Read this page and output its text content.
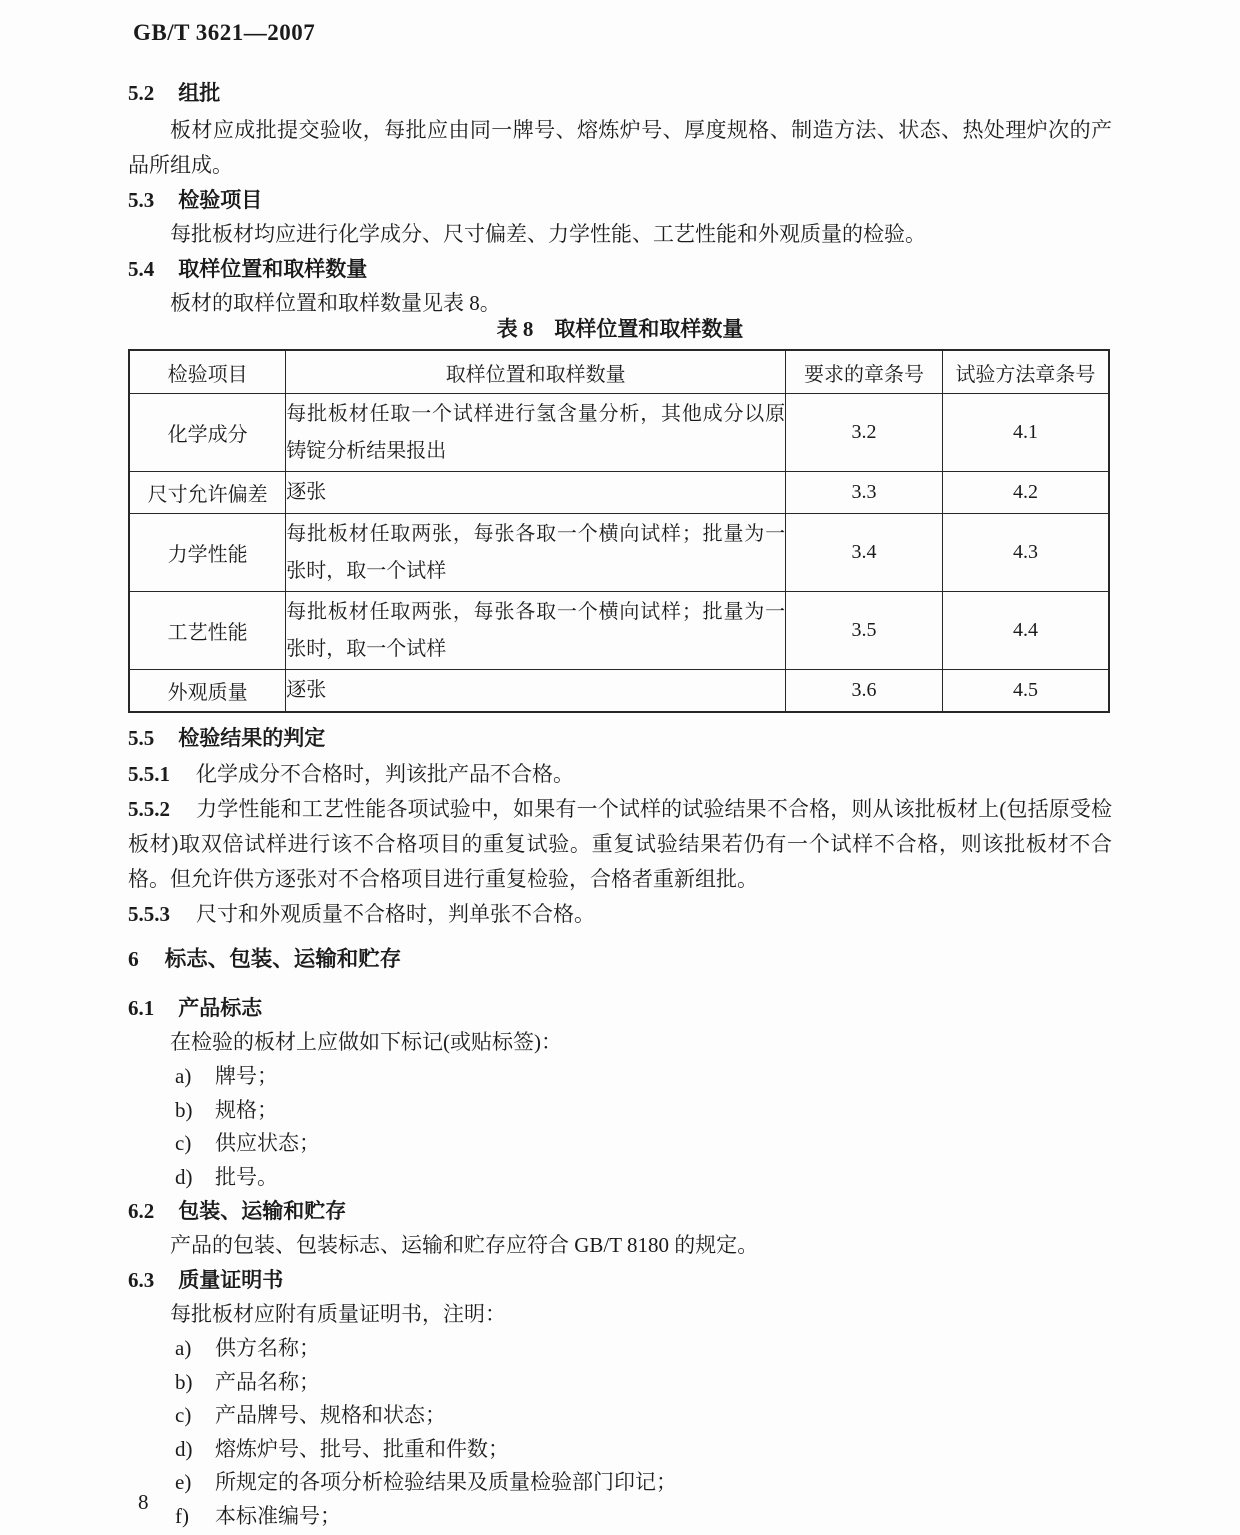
GB/T 3621—2007
5.2 组批

板材应成批提交验收，每批应由同一牌号、熔炼炉号、厚度规格、制造方法、状态、热处理炉次的产品所组成。

5.3 检验项目

每批板材均应进行化学成分、尺寸偏差、力学性能、工艺性能和外观质量的检验。

5.4 取样位置和取样数量

板材的取样位置和取样数量见表 8。

表 8　取样位置和取样数量
检验项目	取样位置和取样数量	要求的章条号	试验方法章条号
化学成分	每批板材任取一个试样进行氢含量分析，其他成分以原铸锭分析结果报出	3.2	4.1
尺寸允许偏差	逐张	3.3	4.2
力学性能	每批板材任取两张，每张各取一个横向试样；批量为一张时，取一个试样	3.4	4.3
工艺性能	每批板材任取两张，每张各取一个横向试样；批量为一张时，取一个试样	3.5	4.4
外观质量	逐张	3.6	4.5
5.5 检验结果的判定

5.5.1 化学成分不合格时，判该批产品不合格。

5.5.2 力学性能和工艺性能各项试验中，如果有一个试样的试验结果不合格，则从该批板材上(包括原受检板材)取双倍试样进行该不合格项目的重复试验。重复试验结果若仍有一个试样不合格，则该批板材不合格。但允许供方逐张对不合格项目进行重复检验，合格者重新组批。

5.5.3 尺寸和外观质量不合格时，判单张不合格。

6 标志、包装、运输和贮存
6.1 产品标志

在检验的板材上应做如下标记(或贴标签)：

a) 牌号；
b) 规格；
c) 供应状态；
d) 批号。
6.2 包装、运输和贮存

产品的包装、包装标志、运输和贮存应符合 GB/T 8180 的规定。

6.3 质量证明书

每批板材应附有质量证明书，注明：

a) 供方名称；
b) 产品名称；
c) 产品牌号、规格和状态；
d) 熔炼炉号、批号、批重和件数；
e) 所规定的各项分析检验结果及质量检验部门印记；
f) 本标准编号；
8
